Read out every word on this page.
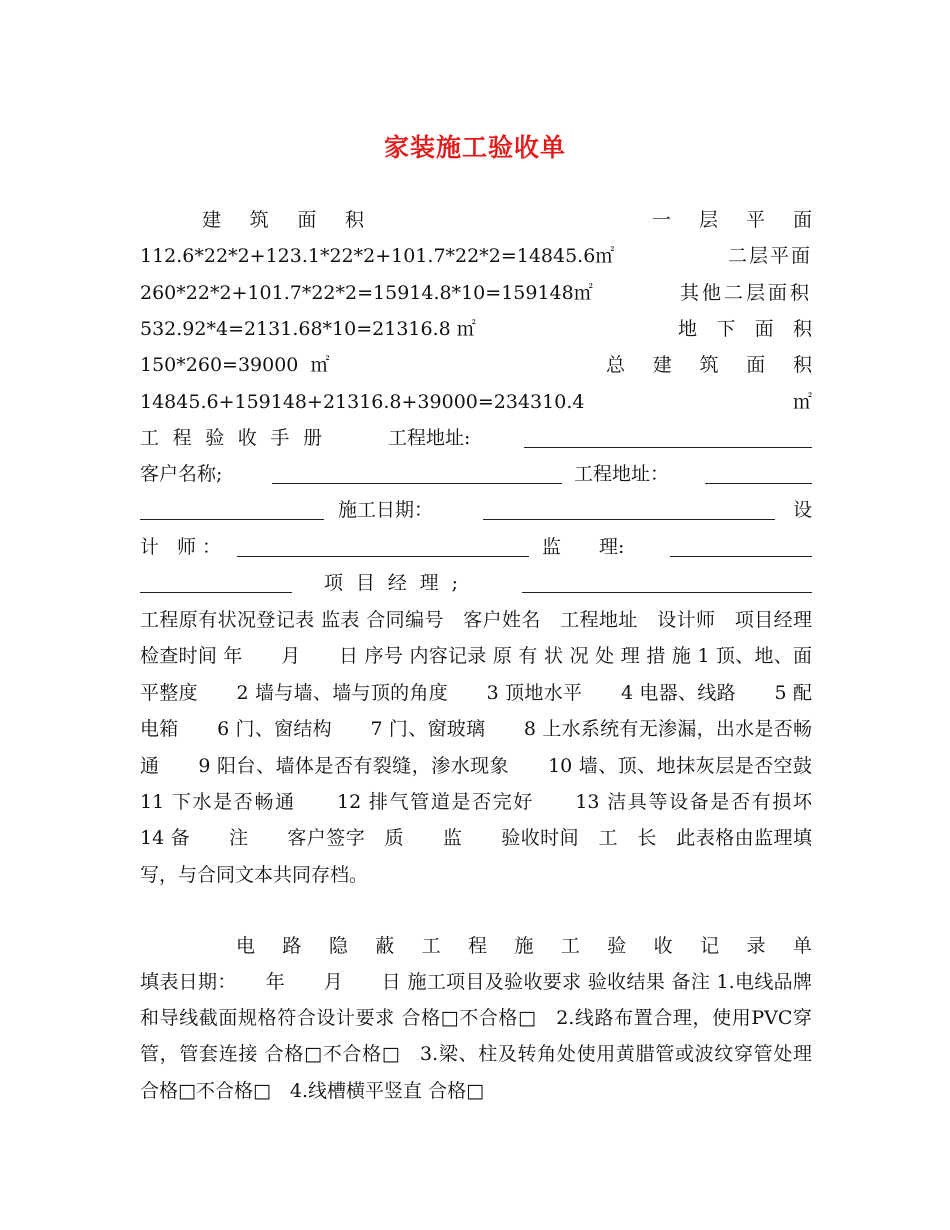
家装施工验收单
建 筑 面 积	一 层 平 面
112.6*22*2+123.1*22*2+101.7*22*2=14845.6㎡	二层平面
260*22*2+101.7*22*2=15914.8*10=159148㎡	其他二层面积
532.92*4=2131.68*10=21316.8 ㎡	地 下 面 积
150*260=39000  ㎡	总 建 筑 面 积
14845.6+159148+21316.8+39000=234310.4	㎡
工 程 验 收 手 册	工程地址:
客户名称;	工程地址：
施工日期：	设
计 师：	监　　理:
项 目 经 理 ;
工程原有状况登记表 监表 合同编号　客户姓名　工程地址　设计师　项目经理　检查时间 年　　月　　日 序号 内容记录 原 有 状 况 处 理 措 施 1 顶、地、面平整度　　2 墙与墙、墙与顶的角度　　3 顶地水平　　4 电器、线路　　5 配电箱　　6 门、窗结构　　7 门、窗玻璃　　8 上水系统有无渗漏，出水是否畅通　　9 阳台、墙体是否有裂缝，渗水现象　　10 墙、顶、地抹灰层是否空鼓　　11 下水是否畅通　　12 排气管道是否完好　　13 洁具等设备是否有损坏　　14 备　　注　　客户签字　质　　监　　验收时间　工　长　此表格由监理填写，与合同文本共同存档。
电 路 隐 蔽 工 程 施 工 验 收 记 录 单
填表日期：　　年　　月　　日 施工项目及验收要求 验收结果 备注 1.电线品牌和导线截面规格符合设计要求 合格□不合格□　2.线路布置合理，使用PVC穿管，管套连接 合格□不合格□　3.梁、柱及转角处使用黄腊管或波纹穿管处理 合格□不合格□　4.线槽横平竖直 合格□
